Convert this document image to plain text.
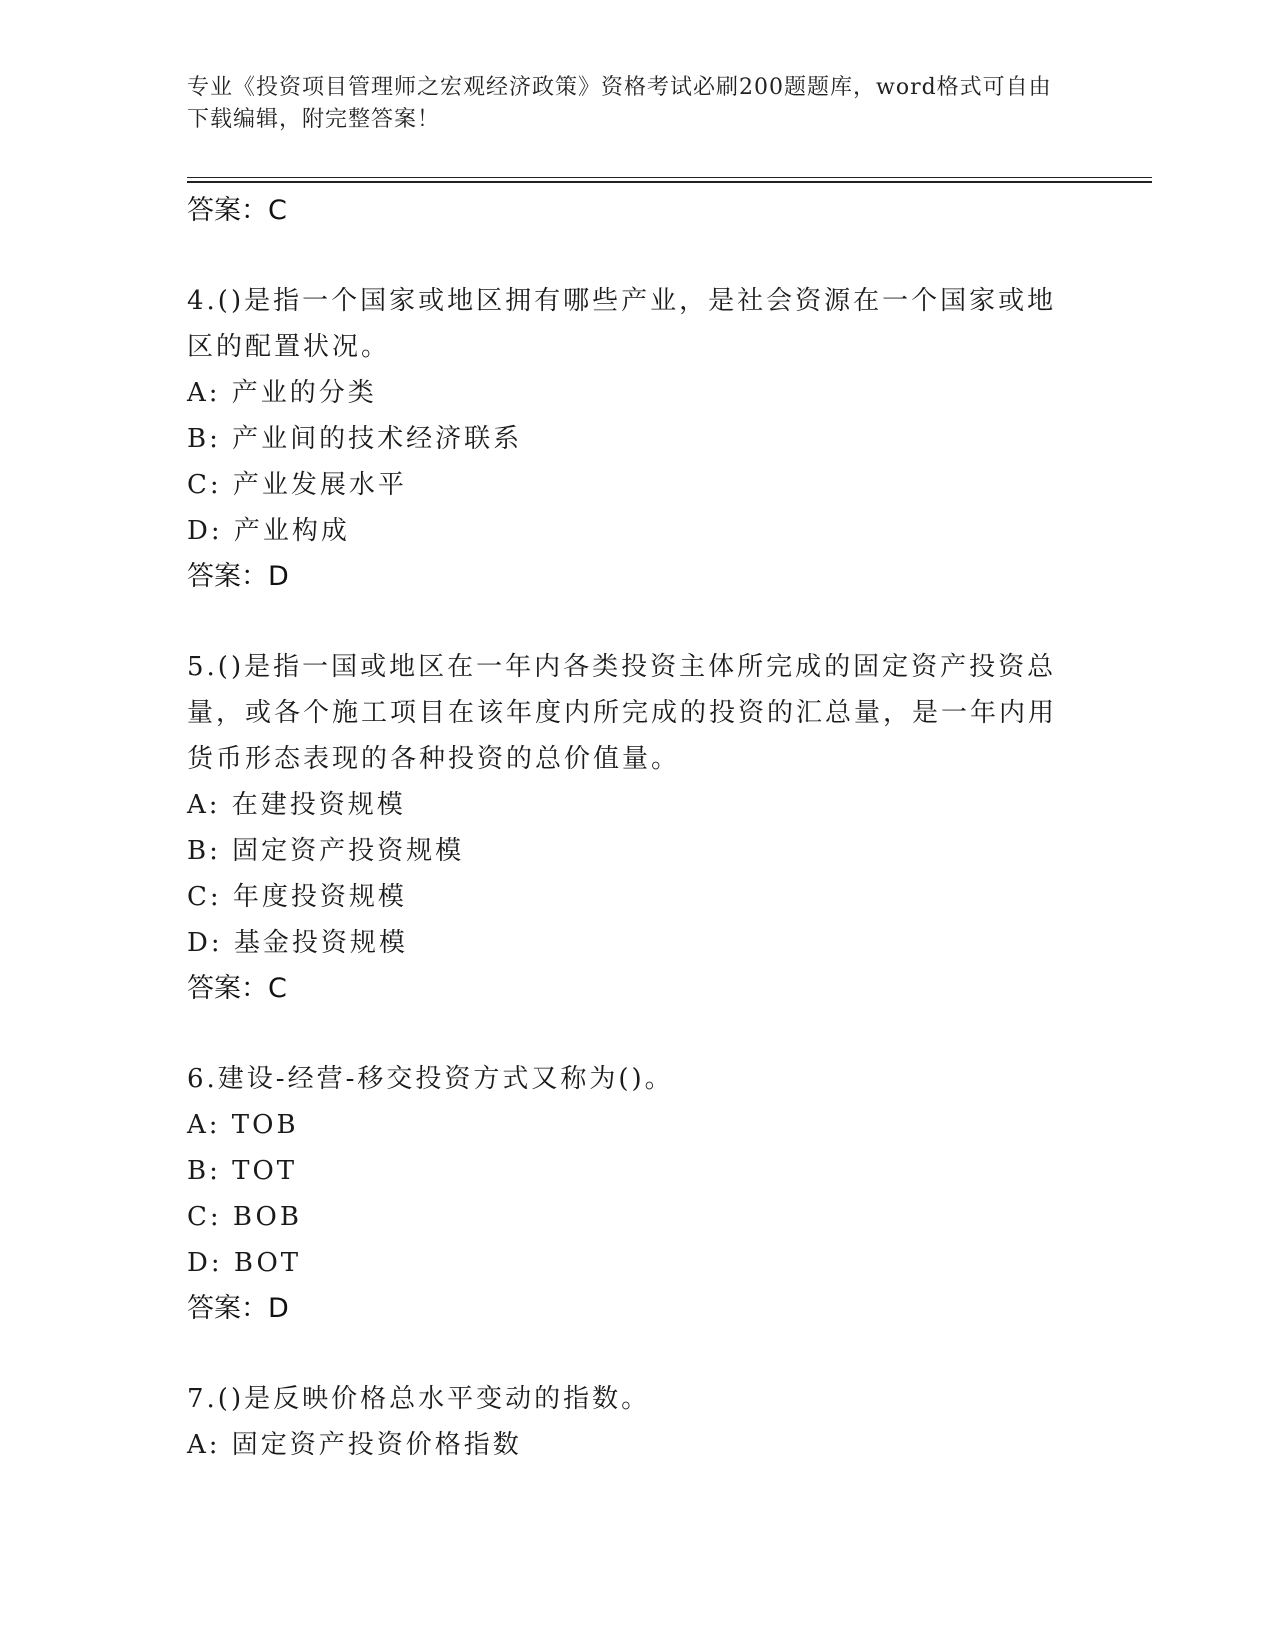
专业《投资项目管理师之宏观经济政策》资格考试必刷200题题库，word格式可自由下载编辑，附完整答案！
答案：C
4.()是指一个国家或地区拥有哪些产业，是社会资源在一个国家或地区的配置状况。
A: 产业的分类
B: 产业间的技术经济联系
C: 产业发展水平
D: 产业构成
答案：D
5.()是指一国或地区在一年内各类投资主体所完成的固定资产投资总量，或各个施工项目在该年度内所完成的投资的汇总量，是一年内用货币形态表现的各种投资的总价值量。
A: 在建投资规模
B: 固定资产投资规模
C: 年度投资规模
D: 基金投资规模
答案：C
6.建设-经营-移交投资方式又称为()。
A: TOB
B: TOT
C: BOB
D: BOT
答案：D
7.()是反映价格总水平变动的指数。
A: 固定资产投资价格指数
